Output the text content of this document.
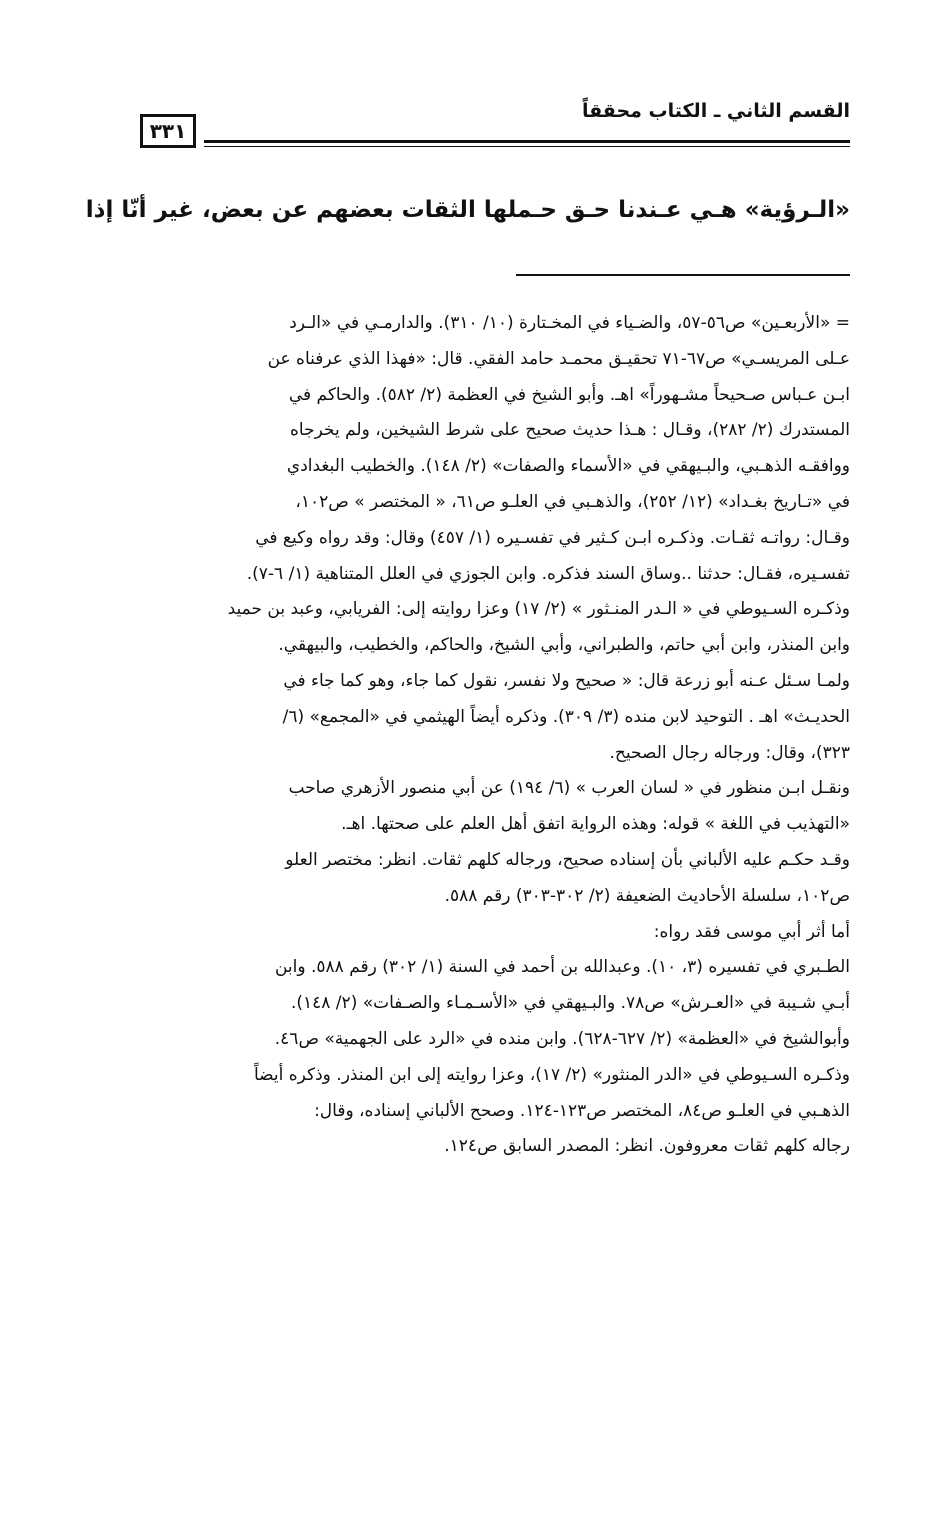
القسم الثاني ـ الكتاب محققاً
٣٣١
«الـرؤية» هـي عـندنا حـق حـملها الثقات بعضهم عن بعض، غير أنّا إذا
= «الأربعـين» ص٥٦-٥٧، والضـياء في المخـتارة (١٠/ ٣١٠). والدارمـي في «الـرد
عـلى المريسـي» ص٦٧-٧١ تحقيـق محمـد حامد الفقي. قال: «فهذا الذي عرفناه عن
ابـن عـباس صـحيحاً مشـهوراً» اهـ. وأبو الشيخ في العظمة (٢/ ٥٨٢). والحاكم في
المستدرك (٢/ ٢٨٢)، وقـال : هـذا حديث صحيح على شرط الشيخين، ولم يخرجاه
ووافقـه الذهـبي، والبـيهقي في «الأسماء والصفات» (٢/ ١٤٨). والخطيب البغدادي
في «تـاريخ بغـداد» (١٢/ ٢٥٢)، والذهـبي في العلـو ص٦١، « المختصر » ص١٠٢،
وقـال: رواتـه ثقـات. وذكـره ابـن كـثير في تفسـيره (١/ ٤٥٧) وقال: وقد رواه وكيع في
تفسـيره، فقـال: حدثنا ..وساق السند فذكره. وابن الجوزي في العلل المتناهية (١/ ٦-٧).
وذكـره السـيوطي في « الـدر المنـثور » (٢/ ١٧) وعزا روايته إلى: الفريابي، وعبد بن حميد
وابن المنذر، وابن أبي حاتم، والطبراني، وأبي الشيخ، والحاكم، والخطيب، والبيهقي.
ولمـا سـئل عـنه أبو زرعة قال: « صحيح ولا نفسر، نقول كما جاء، وهو كما جاء في
الحديـث» اهـ . التوحيد لابن منده (٣/ ٣٠٩). وذكره أيضاً الهيثمي في «المجمع» (٦/
٣٢٣)، وقال: ورجاله رجال الصحيح.
ونقـل ابـن منظور في « لسان العرب » (٦/ ١٩٤) عن أبي منصور الأزهري صاحب
«التهذيب في اللغة » قوله: وهذه الرواية اتفق أهل العلم على صحتها. اهـ.
وقـد حكـم عليه الألباني بأن إسناده صحيح، ورجاله كلهم ثقات. انظر: مختصر العلو
ص١٠٢، سلسلة الأحاديث الضعيفة (٢/ ٣٠٢-٣٠٣) رقم ٥٨٨.
أما أثر أبي موسى فقد رواه:
الطـبري في تفسيره (٣، ١٠). وعبدالله بن أحمد في السنة (١/ ٣٠٢) رقم ٥٨٨. وابن
أبـي شـيبة في «العـرش» ص٧٨. والبـيهقي في «الأسـمـاء والصـفات» (٢/ ١٤٨).
وأبوالشيخ في «العظمة» (٢/ ٦٢٧-٦٢٨). وابن منده في «الرد على الجهمية» ص٤٦.
وذكـره السـيوطي في «الدر المنثور» (٢/ ١٧)، وعزا روايته إلى ابن المنذر. وذكره أيضاً
الذهـبي في العلـو ص٨٤، المختصر ص١٢٣-١٢٤. وصحح الألباني إسناده، وقال:
رجاله كلهم ثقات معروفون. انظر: المصدر السابق ص١٢٤.
